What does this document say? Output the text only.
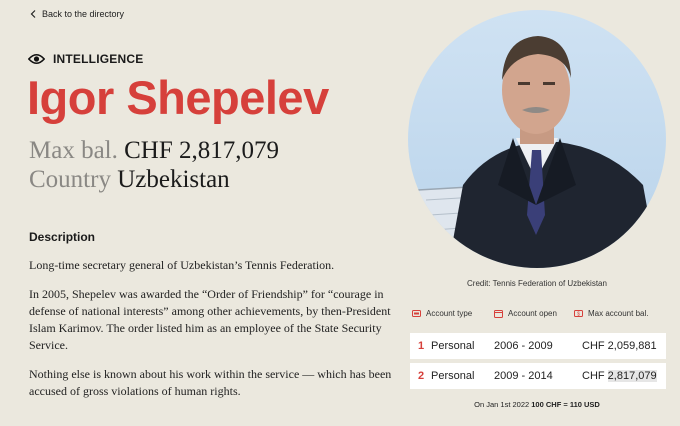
Back to the directory
INTELLIGENCE
Igor Shepelev
Max bal. CHF 2,817,079
Country Uzbekistan
Description

Long-time secretary general of Uzbekistan’s Tennis Federation.

In 2005, Shepelev was awarded the “Order of Friendship” for “courage in defense of national interests” among other achievements, by then-President Islam Karimov. The order listed him as an employee of the State Security Service.

Nothing else is known about his work within the service — which has been accused of gross violations of human rights.

Credit: Tennis Federation of Uzbekistan
Account type	Account open	$ Max account bal.
1 Personal 2006 - 2009	CHF 2,059,881
2 Personal 2009 - 2014	CHF 2,817,079
On Jan 1st 2022 100 CHF = 110 USD
